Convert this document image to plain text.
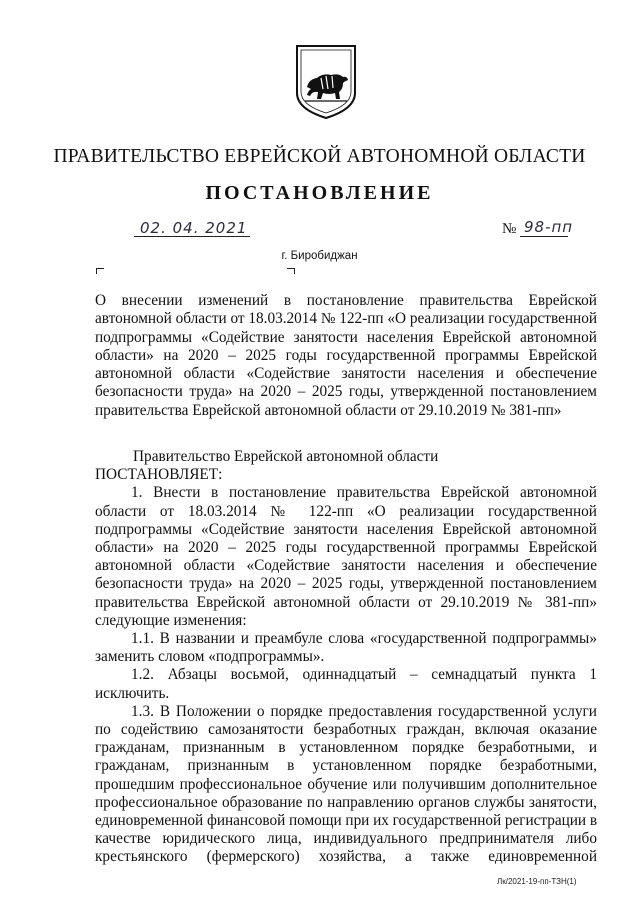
ПРАВИТЕЛЬСТВО ЕВРЕЙСКОЙ АВТОНОМНОЙ ОБЛАСТИ
ПОСТАНОВЛЕНИЕ
02. 04. 2021	№ 98-пп
г. Биробиджан
О внесении изменений в постановление правительства Еврейской
автономной области от 18.03.2014 № 122-пп «О реализации государственной
подпрограммы «Содействие занятости населения Еврейской автономной
области» на 2020 – 2025 годы государственной программы Еврейской
автономной области «Содействие занятости населения и обеспечение
безопасности труда» на 2020 – 2025 годы, утвержденной постановлением
правительства Еврейской автономной области от 29.10.2019 № 381-пп»
Правительство Еврейской автономной области
ПОСТАНОВЛЯЕТ:
1. Внести в постановление правительства Еврейской автономной
области от 18.03.2014 № 122-пп «О реализации государственной
подпрограммы «Содействие занятости населения Еврейской автономной
области» на 2020 – 2025 годы государственной программы Еврейской
автономной области «Содействие занятости населения и обеспечение
безопасности труда» на 2020 – 2025 годы, утвержденной постановлением
правительства Еврейской автономной области от 29.10.2019 № 381-пп»
следующие изменения:
1.1. В названии и преамбуле слова «государственной подпрограммы»
заменить словом «подпрограммы».
1.2. Абзацы восьмой, одиннадцатый – семнадцатый пункта 1
исключить.
1.3. В Положении о порядке предоставления государственной услуги
по содействию самозанятости безработных граждан, включая оказание
гражданам, признанным в установленном порядке безработными, и
гражданам, признанным в установленном порядке безработными,
прошедшим профессиональное обучение или получившим дополнительное
профессиональное образование по направлению органов службы занятости,
единовременной финансовой помощи при их государственной регистрации в
качестве юридического лица, индивидуального предпринимателя либо
крестьянского (фермерского) хозяйства, а также единовременной
Лк/2021-19-пп-ТЗН(1)
